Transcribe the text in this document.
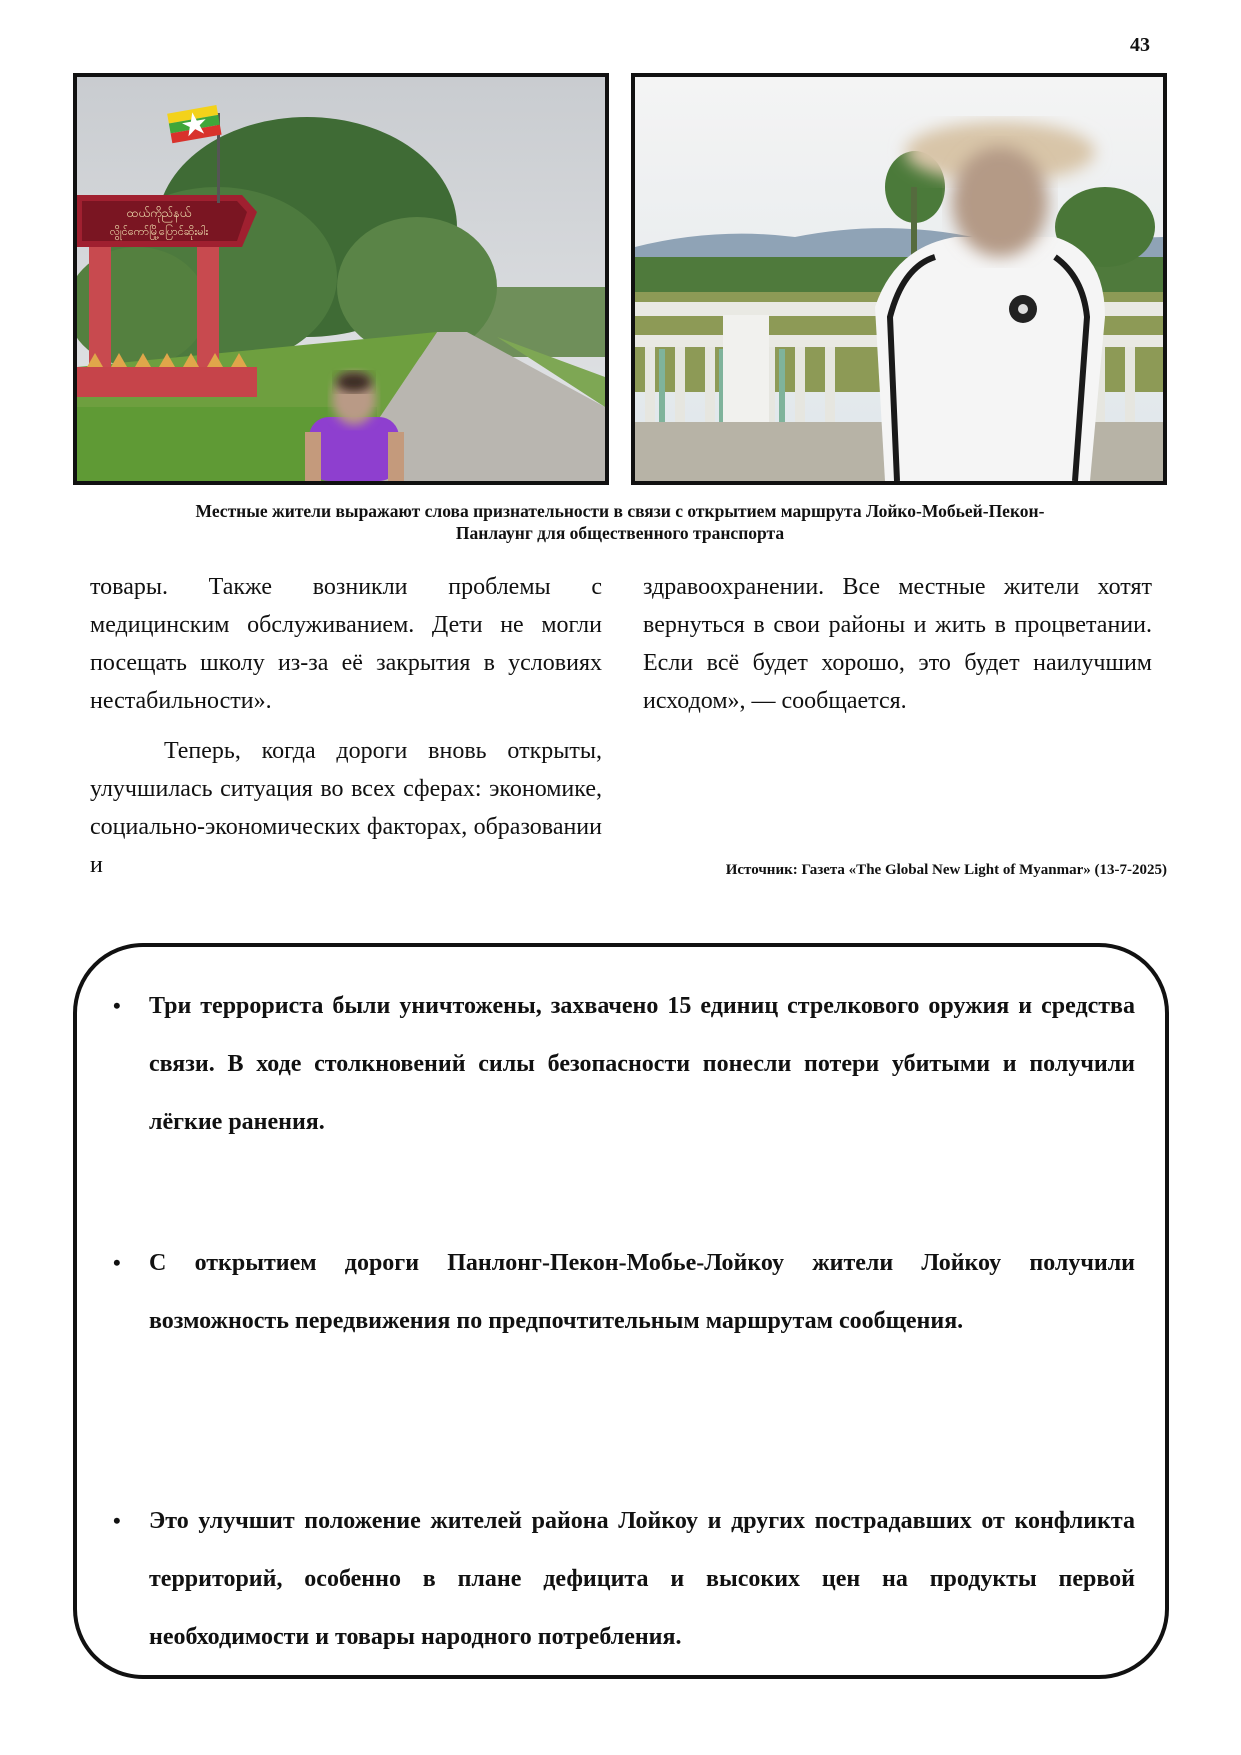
43
ထယ်ကိုည်နယ်
လွိုင်ကော်မြို့ပြောင်ဆိုးမါး
Местные жители выражают слова признательности в связи с открытием маршрута Лойко-Мобьей-Пекон-
Панлаунг для общественного транспорта

товары. Также возникли проблемы с медицинским обслуживанием. Дети не могли посещать школу из-за её закрытия в условиях нестабильности».

Теперь, когда дороги вновь открыты, улучшилась ситуация во всех сферах: экономике, социально-экономических факторах, образовании и

здравоохранении. Все местные жители хотят вернуться в свои районы и жить в процветании. Если всё будет хорошо, это будет наилучшим исходом», — сообщается.

Источник: Газета «The Global New Light of Myanmar» (13-7-2025)
• Три террориста были уничтожены, захвачено 15 единиц стрелкового оружия и средства связи. В ходе столкновений силы безопасности понесли потери убитыми и получили лёгкие ранения.
• С открытием дороги Панлонг-Пекон-Мобье-Лойкоу жители Лойкоу получили возможность передвижения по предпочтительным маршрутам сообщения.
• Это улучшит положение жителей района Лойкоу и других пострадавших от конфликта территорий, особенно в плане дефицита и высоких цен на продукты первой необходимости и товары народного потребления.
